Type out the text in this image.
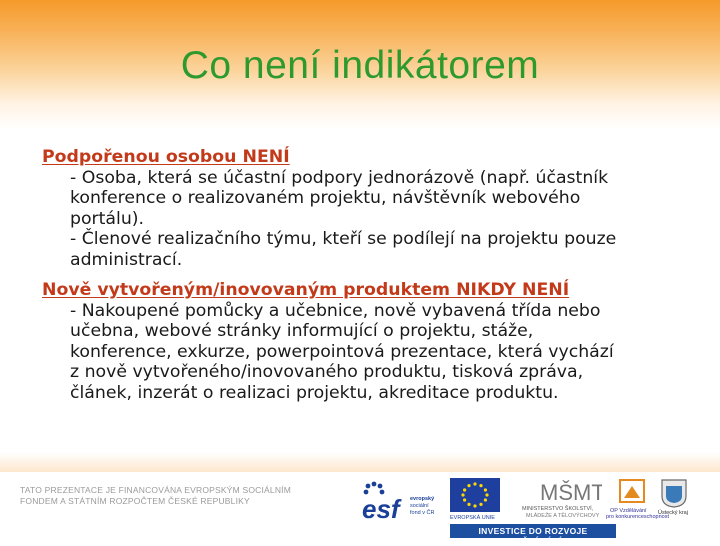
Co není indikátorem
Podpořenou osobou NENÍ
- Osoba, která se účastní podpory jednorázově (např. účastník
konference o realizovaném projektu, návštěvník webového
portálu).
- Členové realizačního týmu, kteří se podílejí na projektu pouze
administrací.
Nově vytvořeným/inovovaným produktem NIKDY NENÍ
- Nakoupené pomůcky a učebnice, nově vybavená třída nebo
učebna, webové stránky informující o projektu, stáže,
konference, exkurze, powerpointová prezentace, která vychází
z nově vytvořeného/inovovaného produktu, tisková zpráva,
článek, inzerát o realizaci projektu, akreditace produktu.
TATO PREZENTACE JE FINANCOVÁNA EVROPSKÝM SOCIÁLNÍM
FONDEM A STÁTNÍM ROZPOČTEM ČESKÉ REPUBLIKY	esf	evropský
sociální
fond v ČR
EVROPSKÁ UNIE
MŠMT
MINISTERSTVO ŠKOLSTVÍ,
MLÁDEŽE A TĚLOVÝCHOVY
OP Vzdělávání
pro konkurenceschopnost
Ústecký kraj
INVESTICE DO ROZVOJE VZDĚLÁVÁNÍ
